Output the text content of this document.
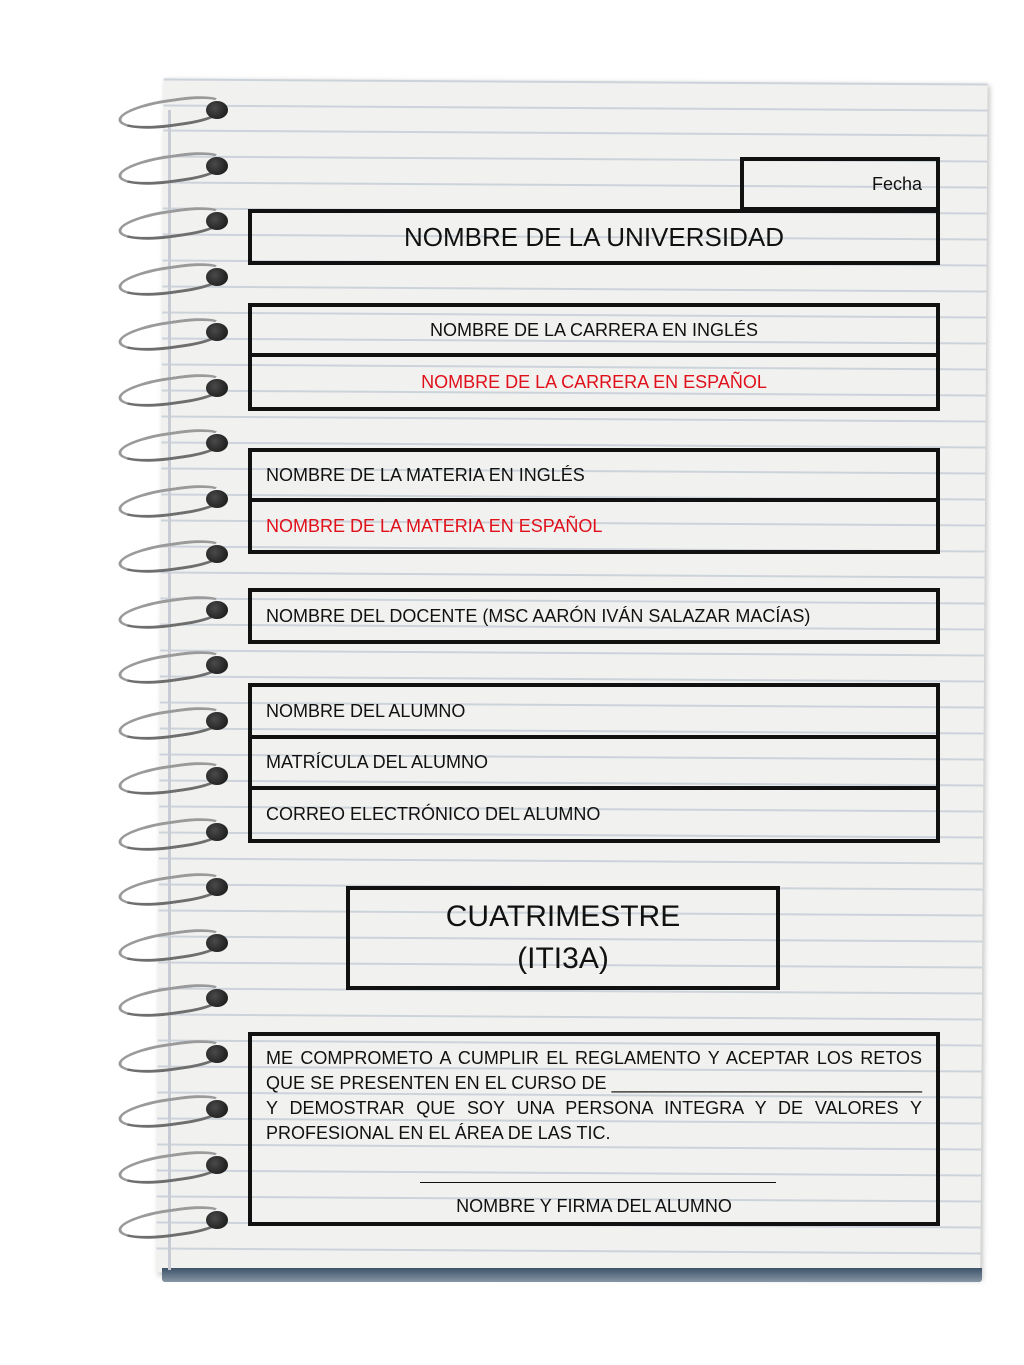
Fecha
NOMBRE DE LA UNIVERSIDAD
NOMBRE DE LA CARRERA EN INGLÉS
NOMBRE DE LA CARRERA EN ESPAÑOL
NOMBRE DE LA MATERIA EN INGLÉS
NOMBRE DE LA MATERIA EN ESPAÑOL
NOMBRE DEL DOCENTE (MSC AARÓN IVÁN SALAZAR MACÍAS)
NOMBRE DEL ALUMNO
MATRÍCULA DEL ALUMNO
CORREO ELECTRÓNICO DEL ALUMNO
CUATRIMESTRE
(ITI3A)

ME COMPROMETO A CUMPLIR EL REGLAMENTO Y ACEPTAR LOS RETOS QUE SE PRESENTEN EN EL CURSO DE _______________________________ Y DEMOSTRAR QUE SOY UNA PERSONA INTEGRA Y DE VALORES Y PROFESIONAL EN EL ÁREA DE LAS TIC.

NOMBRE Y FIRMA DEL ALUMNO
